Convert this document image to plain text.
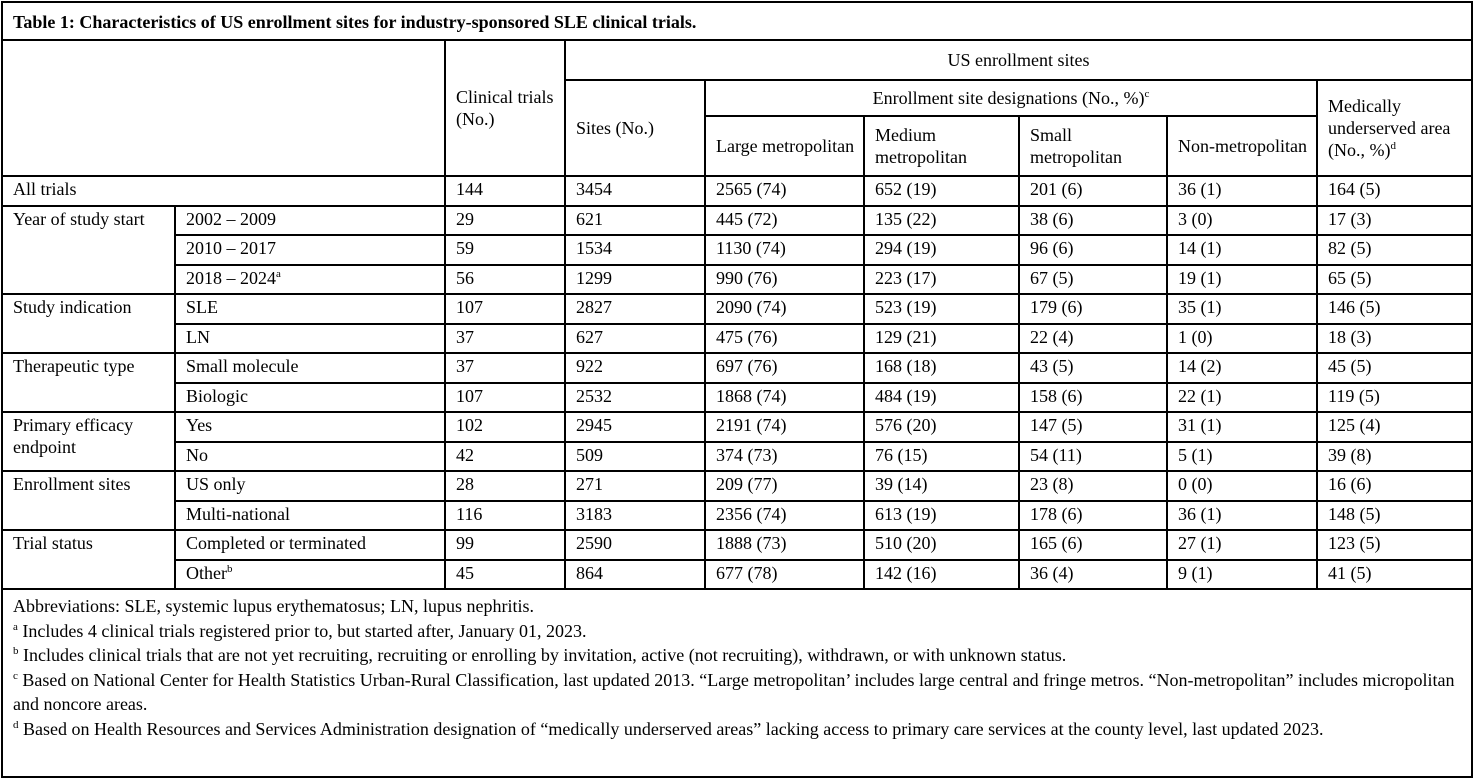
Table 1: Characteristics of US enrollment sites for industry-sponsored SLE clinical trials.
		Clinical trials (No.)	US enrollment sites					
			Sites (No.)	Enrollment site designations (No., %)$^c$				Medically underserved area (No., %)$^d$
				Large metropolitan	Medium metropolitan	Small metropolitan	Non-metropolitan	
All trials		144	3454	2565 (74)	652 (19)	201 (6)	36 (1)	164 (5)
Year of study start	2002 – 2009	29	621	445 (72)	135 (22)	38 (6)	3 (0)	17 (3)
	2010 – 2017	59	1534	1130 (74)	294 (19)	96 (6)	14 (1)	82 (5)
	2018 – 2024$^a$	56	1299	990 (76)	223 (17)	67 (5)	19 (1)	65 (5)
Study indication	SLE	107	2827	2090 (74)	523 (19)	179 (6)	35 (1)	146 (5)
	LN	37	627	475 (76)	129 (21)	22 (4)	1 (0)	18 (3)
Therapeutic type	Small molecule	37	922	697 (76)	168 (18)	43 (5)	14 (2)	45 (5)
	Biologic	107	2532	1868 (74)	484 (19)	158 (6)	22 (1)	119 (5)
Primary efficacy endpoint	Yes	102	2945	2191 (74)	576 (20)	147 (5)	31 (1)	125 (4)
	No	42	509	374 (73)	76 (15)	54 (11)	5 (1)	39 (8)
Enrollment sites	US only	28	271	209 (77)	39 (14)	23 (8)	0 (0)	16 (6)
	Multi-national	116	3183	2356 (74)	613 (19)	178 (6)	36 (1)	148 (5)
Trial status	Completed or terminated	99	2590	1888 (73)	510 (20)	165 (6)	27 (1)	123 (5)
	Other$^b$	45	864	677 (78)	142 (16)	36 (4)	9 (1)	41 (5)
Abbreviations: SLE, systemic lupus erythematosus; LN, lupus nephritis.
$^a$ Includes 4 clinical trials registered prior to, but started after, January 01, 2023.
$^b$ Includes clinical trials that are not yet recruiting, recruiting or enrolling by invitation, active (not recruiting), withdrawn, or with unknown status.
$^c$ Based on National Center for Health Statistics Urban-Rural Classification, last updated 2013. “Large metropolitan’ includes large central and fringe metros. “Non-metropolitan” includes micropolitan and noncore areas.
$^d$ Based on Health Resources and Services Administration designation of “medically underserved areas” lacking access to primary care services at the county level, last updated 2023.
